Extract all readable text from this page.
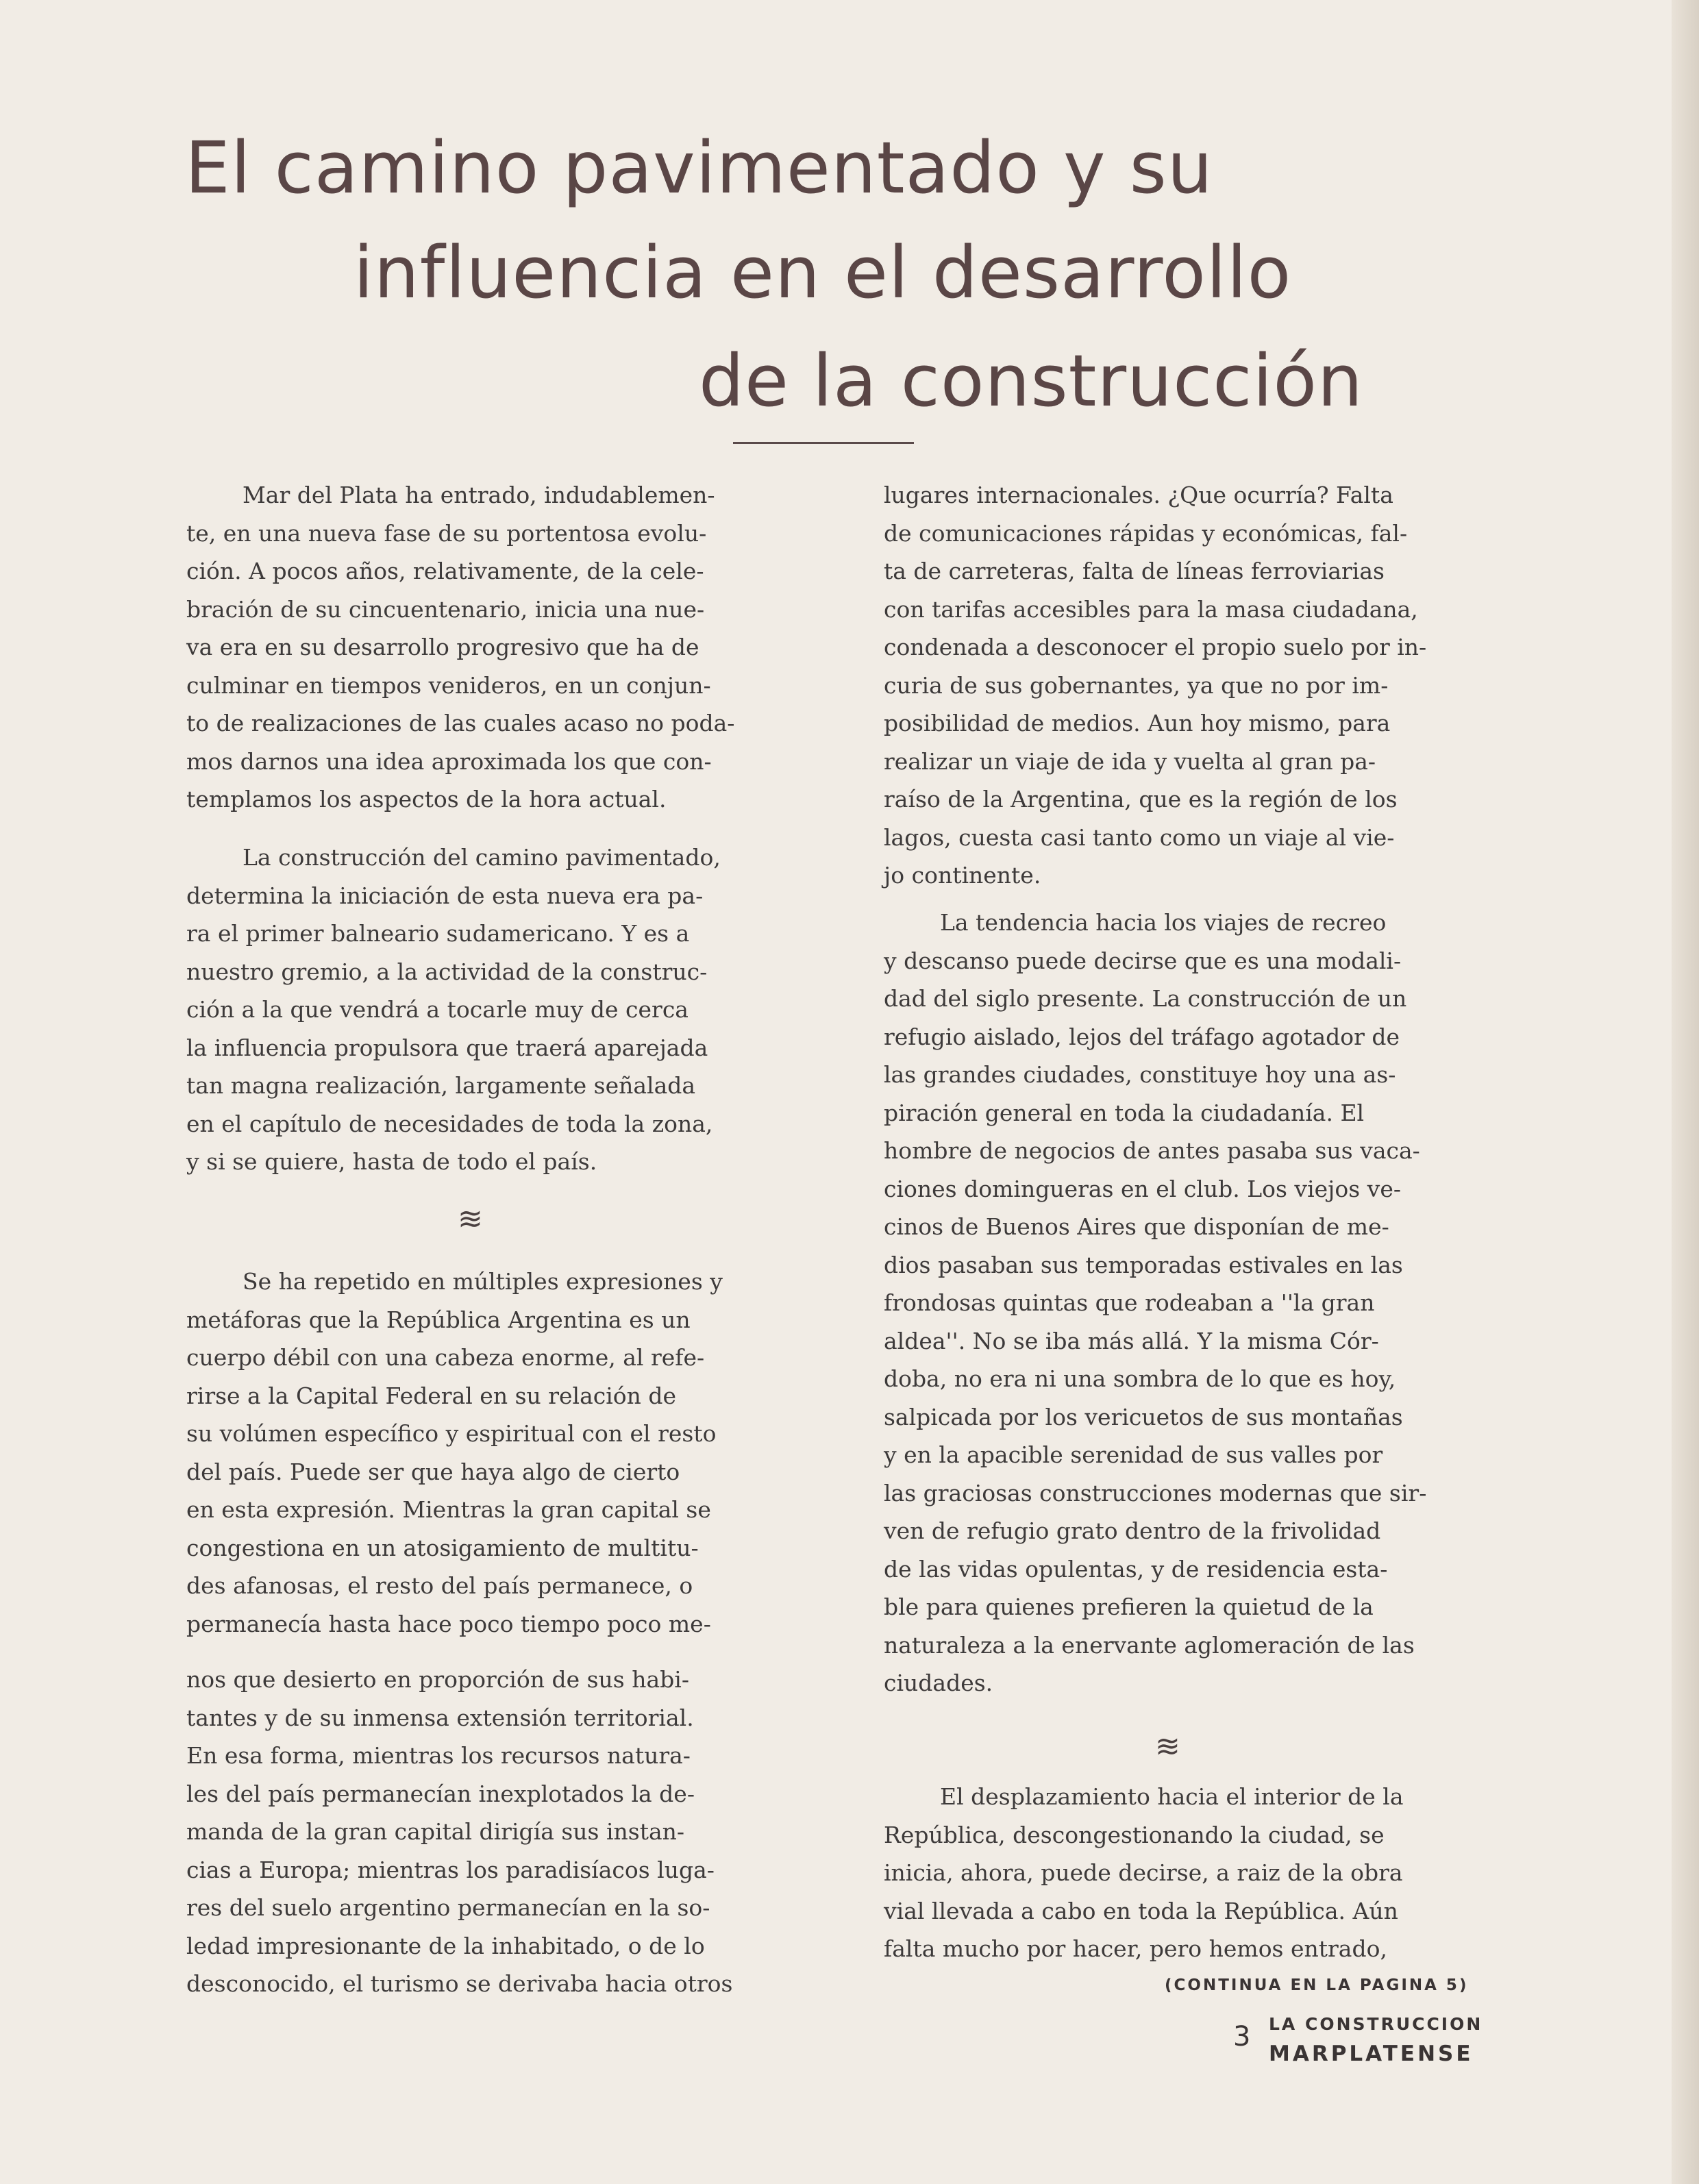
El camino pavimentado y su
influencia en el desarrollo
de la construcción
Mar del Plata ha entrado, indudablemen-
te, en una nueva fase de su portentosa evolu-
ción. A pocos años, relativamente, de la cele-
bración de su cincuentenario, inicia una nue-
va era en su desarrollo progresivo que ha de
culminar en tiempos venideros, en un conjun-
to de realizaciones de las cuales acaso no poda-
mos darnos una idea aproximada los que con-
templamos los aspectos de la hora actual.
La construcción del camino pavimentado,
determina la iniciación de esta nueva era pa-
ra el primer balneario sudamericano. Y es a
nuestro gremio, a la actividad de la construc-
ción a la que vendrá a tocarle muy de cerca
la influencia propulsora que traerá aparejada
tan magna realización, largamente señalada
en el capítulo de necesidades de toda la zona,
y si se quiere, hasta de todo el país.
≋
Se ha repetido en múltiples expresiones y
metáforas que la República Argentina es un
cuerpo débil con una cabeza enorme, al refe-
rirse a la Capital Federal en su relación de
su volúmen específico y espiritual con el resto
del país. Puede ser que haya algo de cierto
en esta expresión. Mientras la gran capital se
congestiona en un atosigamiento de multitu-
des afanosas, el resto del país permanece, o
permanecía hasta hace poco tiempo poco me-
nos que desierto en proporción de sus habi-
tantes y de su inmensa extensión territorial.
En esa forma, mientras los recursos natura-
les del país permanecían inexplotados la de-
manda de la gran capital dirigía sus instan-
cias a Europa; mientras los paradisíacos luga-
res del suelo argentino permanecían en la so-
ledad impresionante de la inhabitado, o de lo
desconocido, el turismo se derivaba hacia otros
lugares internacionales. ¿Que ocurría? Falta
de comunicaciones rápidas y económicas, fal-
ta de carreteras, falta de líneas ferroviarias
con tarifas accesibles para la masa ciudadana,
condenada a desconocer el propio suelo por in-
curia de sus gobernantes, ya que no por im-
posibilidad de medios. Aun hoy mismo, para
realizar un viaje de ida y vuelta al gran pa-
raíso de la Argentina, que es la región de los
lagos, cuesta casi tanto como un viaje al vie-
jo continente.
La tendencia hacia los viajes de recreo
y descanso puede decirse que es una modali-
dad del siglo presente. La construcción de un
refugio aislado, lejos del tráfago agotador de
las grandes ciudades, constituye hoy una as-
piración general en toda la ciudadanía. El
hombre de negocios de antes pasaba sus vaca-
ciones domingueras en el club. Los viejos ve-
cinos de Buenos Aires que disponían de me-
dios pasaban sus temporadas estivales en las
frondosas quintas que rodeaban a ''la gran
aldea''. No se iba más allá. Y la misma Cór-
doba, no era ni una sombra de lo que es hoy,
salpicada por los vericuetos de sus montañas
y en la apacible serenidad de sus valles por
las graciosas construcciones modernas que sir-
ven de refugio grato dentro de la frivolidad
de las vidas opulentas, y de residencia esta-
ble para quienes prefieren la quietud de la
naturaleza a la enervante aglomeración de las
ciudades.
≋
El desplazamiento hacia el interior de la
República, descongestionando la ciudad, se
inicia, ahora, puede decirse, a raiz de la obra
vial llevada a cabo en toda la República. Aún
falta mucho por hacer, pero hemos entrado,
(CONTINUA EN LA PAGINA 5)
3 LA CONSTRUCCION
MARPLATENSE
